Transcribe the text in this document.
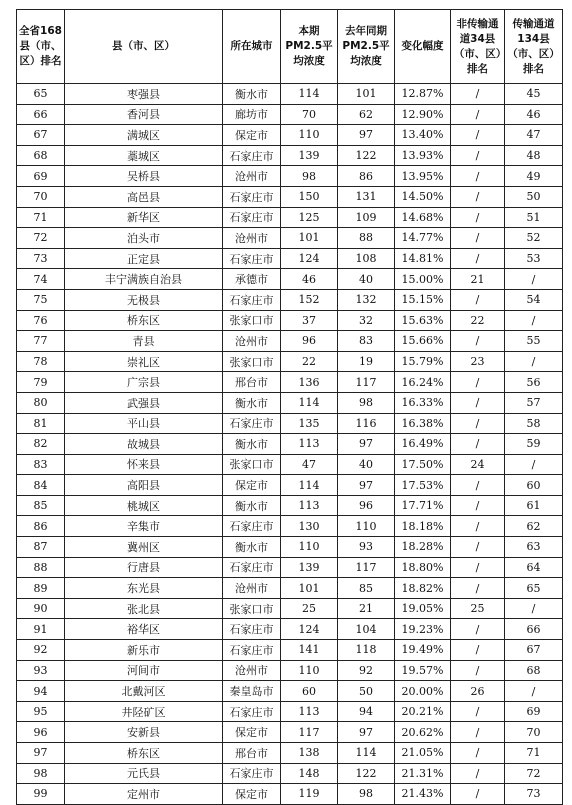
全省168县（市、区）排名	县（市、区）	所在城市	本期PM2.5平均浓度	去年同期PM2.5平均浓度	变化幅度	非传输通道34县（市、区）排名	传输通道134县（市、区）排名

65	枣强县	衡水市	114	101	12.87%	/	45
66	香河县	廊坊市	70	62	12.90%	/	46
67	满城区	保定市	110	97	13.40%	/	47
68	藁城区	石家庄市	139	122	13.93%	/	48
69	吴桥县	沧州市	98	86	13.95%	/	49
70	高邑县	石家庄市	150	131	14.50%	/	50
71	新华区	石家庄市	125	109	14.68%	/	51
72	泊头市	沧州市	101	88	14.77%	/	52
73	正定县	石家庄市	124	108	14.81%	/	53
74	丰宁满族自治县	承德市	46	40	15.00%	21	/
75	无极县	石家庄市	152	132	15.15%	/	54
76	桥东区	张家口市	37	32	15.63%	22	/
77	青县	沧州市	96	83	15.66%	/	55
78	崇礼区	张家口市	22	19	15.79%	23	/
79	广宗县	邢台市	136	117	16.24%	/	56
80	武强县	衡水市	114	98	16.33%	/	57
81	平山县	石家庄市	135	116	16.38%	/	58
82	故城县	衡水市	113	97	16.49%	/	59
83	怀来县	张家口市	47	40	17.50%	24	/
84	高阳县	保定市	114	97	17.53%	/	60
85	桃城区	衡水市	113	96	17.71%	/	61
86	辛集市	石家庄市	130	110	18.18%	/	62
87	冀州区	衡水市	110	93	18.28%	/	63
88	行唐县	石家庄市	139	117	18.80%	/	64
89	东光县	沧州市	101	85	18.82%	/	65
90	张北县	张家口市	25	21	19.05%	25	/
91	裕华区	石家庄市	124	104	19.23%	/	66
92	新乐市	石家庄市	141	118	19.49%	/	67
93	河间市	沧州市	110	92	19.57%	/	68
94	北戴河区	秦皇岛市	60	50	20.00%	26	/
95	井陉矿区	石家庄市	113	94	20.21%	/	69
96	安新县	保定市	117	97	20.62%	/	70
97	桥东区	邢台市	138	114	21.05%	/	71
98	元氏县	石家庄市	148	122	21.31%	/	72
99	定州市	保定市	119	98	21.43%	/	73
